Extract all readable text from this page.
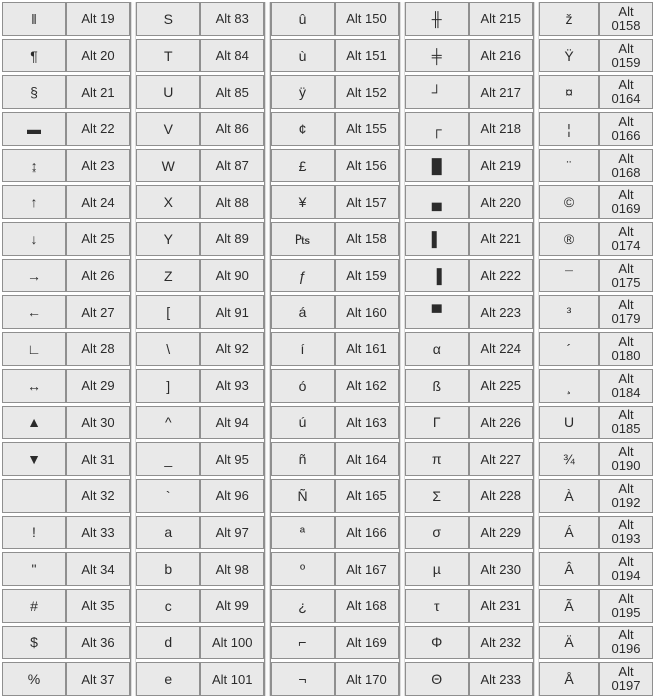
‖
¶
§
▬
↨
↑
↓
→
←
∟
↔
▲
▼
!
"
#
$
%
Alt 19
Alt 20
Alt 21
Alt 22
Alt 23
Alt 24
Alt 25
Alt 26
Alt 27
Alt 28
Alt 29
Alt 30
Alt 31
Alt 32
Alt 33
Alt 34
Alt 35
Alt 36
Alt 37
S
T
U
V
W
X
Y
Z
[
\
]
^
_
`
a
b
c
d
e
Alt 83
Alt 84
Alt 85
Alt 86
Alt 87
Alt 88
Alt 89
Alt 90
Alt 91
Alt 92
Alt 93
Alt 94
Alt 95
Alt 96
Alt 97
Alt 98
Alt 99
Alt 100
Alt 101
û
ù
ÿ
¢
£
¥
₧
ƒ
á
í
ó
ú
ñ
Ñ
ª
º
¿
⌐
¬
Alt 150
Alt 151
Alt 152
Alt 155
Alt 156
Alt 157
Alt 158
Alt 159
Alt 160
Alt 161
Alt 162
Alt 163
Alt 164
Alt 165
Alt 166
Alt 167
Alt 168
Alt 169
Alt 170
╫
╪
┘
┌
█
▄
▌
▐
▀
α
ß
Γ
π
Σ
σ
µ
τ
Φ
Θ
Alt 215
Alt 216
Alt 217
Alt 218
Alt 219
Alt 220
Alt 221
Alt 222
Alt 223
Alt 224
Alt 225
Alt 226
Alt 227
Alt 228
Alt 229
Alt 230
Alt 231
Alt 232
Alt 233
ž
Ÿ
¤
¦
¨
©
®
¯
³
´
¸
U
¾
À
Á
Â
Ã
Ä
Å
Alt 0158
Alt 0159
Alt 0164
Alt 0166
Alt 0168
Alt 0169
Alt 0174
Alt 0175
Alt 0179
Alt 0180
Alt 0184
Alt 0185
Alt 0190
Alt 0192
Alt 0193
Alt 0194
Alt 0195
Alt 0196
Alt 0197
